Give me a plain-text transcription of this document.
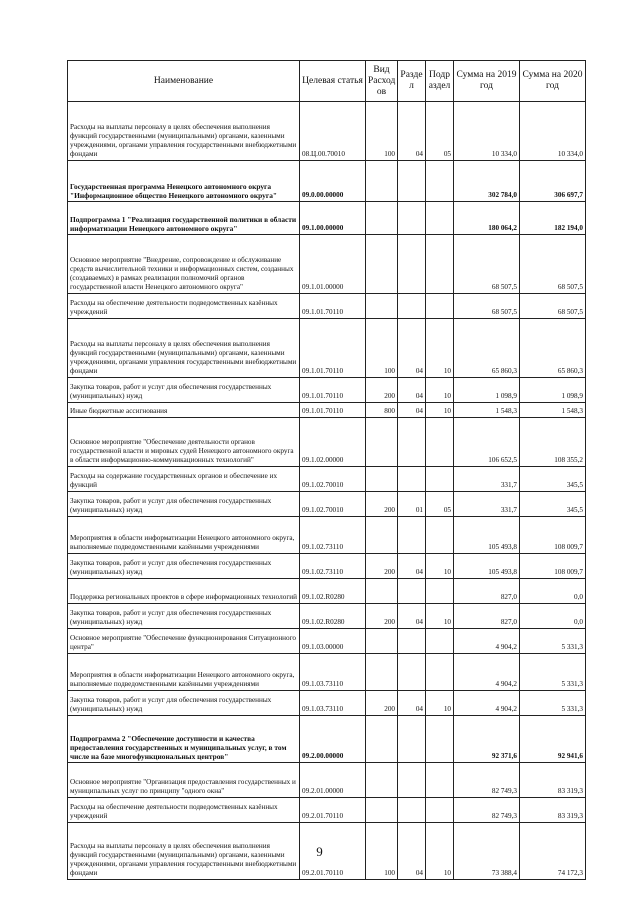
Наименование	Целевая статья	Вид Расход ов	Разде л	Подр аздел	Сумма на 2019 год	Сумма на 2020 год
Расходы на выплаты персоналу в целях обеспечения выполнения функций государственными (муниципальными) органами, казенными учреждениями, органами управления государственными внебюджетными фондами	08.Ц.00.70010	100	04	05	10 334,0	10 334,0
Государственная программа Ненецкого автономного округа "Информационное общество Ненецкого автономного округа"	09.0.00.00000				302 784,0	306 697,7
Подпрограмма 1 "Реализация государственной политики в области информатизации Ненецкого автономного округа"	09.1.00.00000				180 064,2	182 194,0
Основное мероприятие "Внедрение, сопровождение и обслуживание средств вычислительной техники и информационных систем, созданных (создаваемых) в рамках реализации полномочий органов государственной власти Ненецкого автономного округа"	09.1.01.00000				68 507,5	68 507,5
Расходы на обеспечение деятельности подведомственных казённых учреждений	09.1.01.70110				68 507,5	68 507,5
Расходы на выплаты персоналу в целях обеспечения выполнения функций государственными (муниципальными) органами, казенными учреждениями, органами управления государственными внебюджетными фондами	09.1.01.70110	100	04	10	65 860,3	65 860,3
Закупка товаров, работ и услуг для обеспечения государственных (муниципальных) нужд	09.1.01.70110	200	04	10	1 098,9	1 098,9
Иные бюджетные ассигнования	09.1.01.70110	800	04	10	1 548,3	1 548,3
Основное мероприятие "Обеспечение деятельности органов государственной власти и мировых судей Ненецкого автономного округа в области информационно-коммуникационных технологий"	09.1.02.00000				106 652,5	108 355,2
Расходы на содержание государственных органов и обеспечение их функций	09.1.02.70010				331,7	345,5
Закупка товаров, работ и услуг для обеспечения государственных (муниципальных) нужд	09.1.02.70010	200	01	05	331,7	345,5
Мероприятия в области информатизации Ненецкого автономного округа, выполняемые подведомственными казёнными учреждениями	09.1.02.73110				105 493,8	108 009,7
Закупка товаров, работ и услуг для обеспечения государственных (муниципальных) нужд	09.1.02.73110	200	04	10	105 493,8	108 009,7
Поддержка региональных проектов в сфере информационных технологий	09.1.02.R0280				827,0	0,0
Закупка товаров, работ и услуг для обеспечения государственных (муниципальных) нужд	09.1.02.R0280	200	04	10	827,0	0,0
Основное мероприятие "Обеспечение функционирования Ситуационного центра"	09.1.03.00000				4 904,2	5 331,3
Мероприятия в области информатизации Ненецкого автономного округа, выполняемые подведомственными казёнными учреждениями	09.1.03.73110				4 904,2	5 331,3
Закупка товаров, работ и услуг для обеспечения государственных (муниципальных) нужд	09.1.03.73110	200	04	10	4 904,2	5 331,3
Подпрограмма 2 "Обеспечение доступности и качества предоставления государственных и муниципальных услуг, в том числе на базе многофункциональных центров"	09.2.00.00000				92 371,6	92 941,6
Основное мероприятие "Организация предоставления государственных и муниципальных услуг по принципу "одного окна"	09.2.01.00000				82 749,3	83 319,3
Расходы на обеспечение деятельности подведомственных казённых учреждений	09.2.01.70110				82 749,3	83 319,3
Расходы на выплаты персоналу в целях обеспечения выполнения функций государственными (муниципальными) органами, казенными учреждениями, органами управления государственными внебюджетными фондами	09.2.01.70110	100	04	10	73 388,4	74 172,3
9
